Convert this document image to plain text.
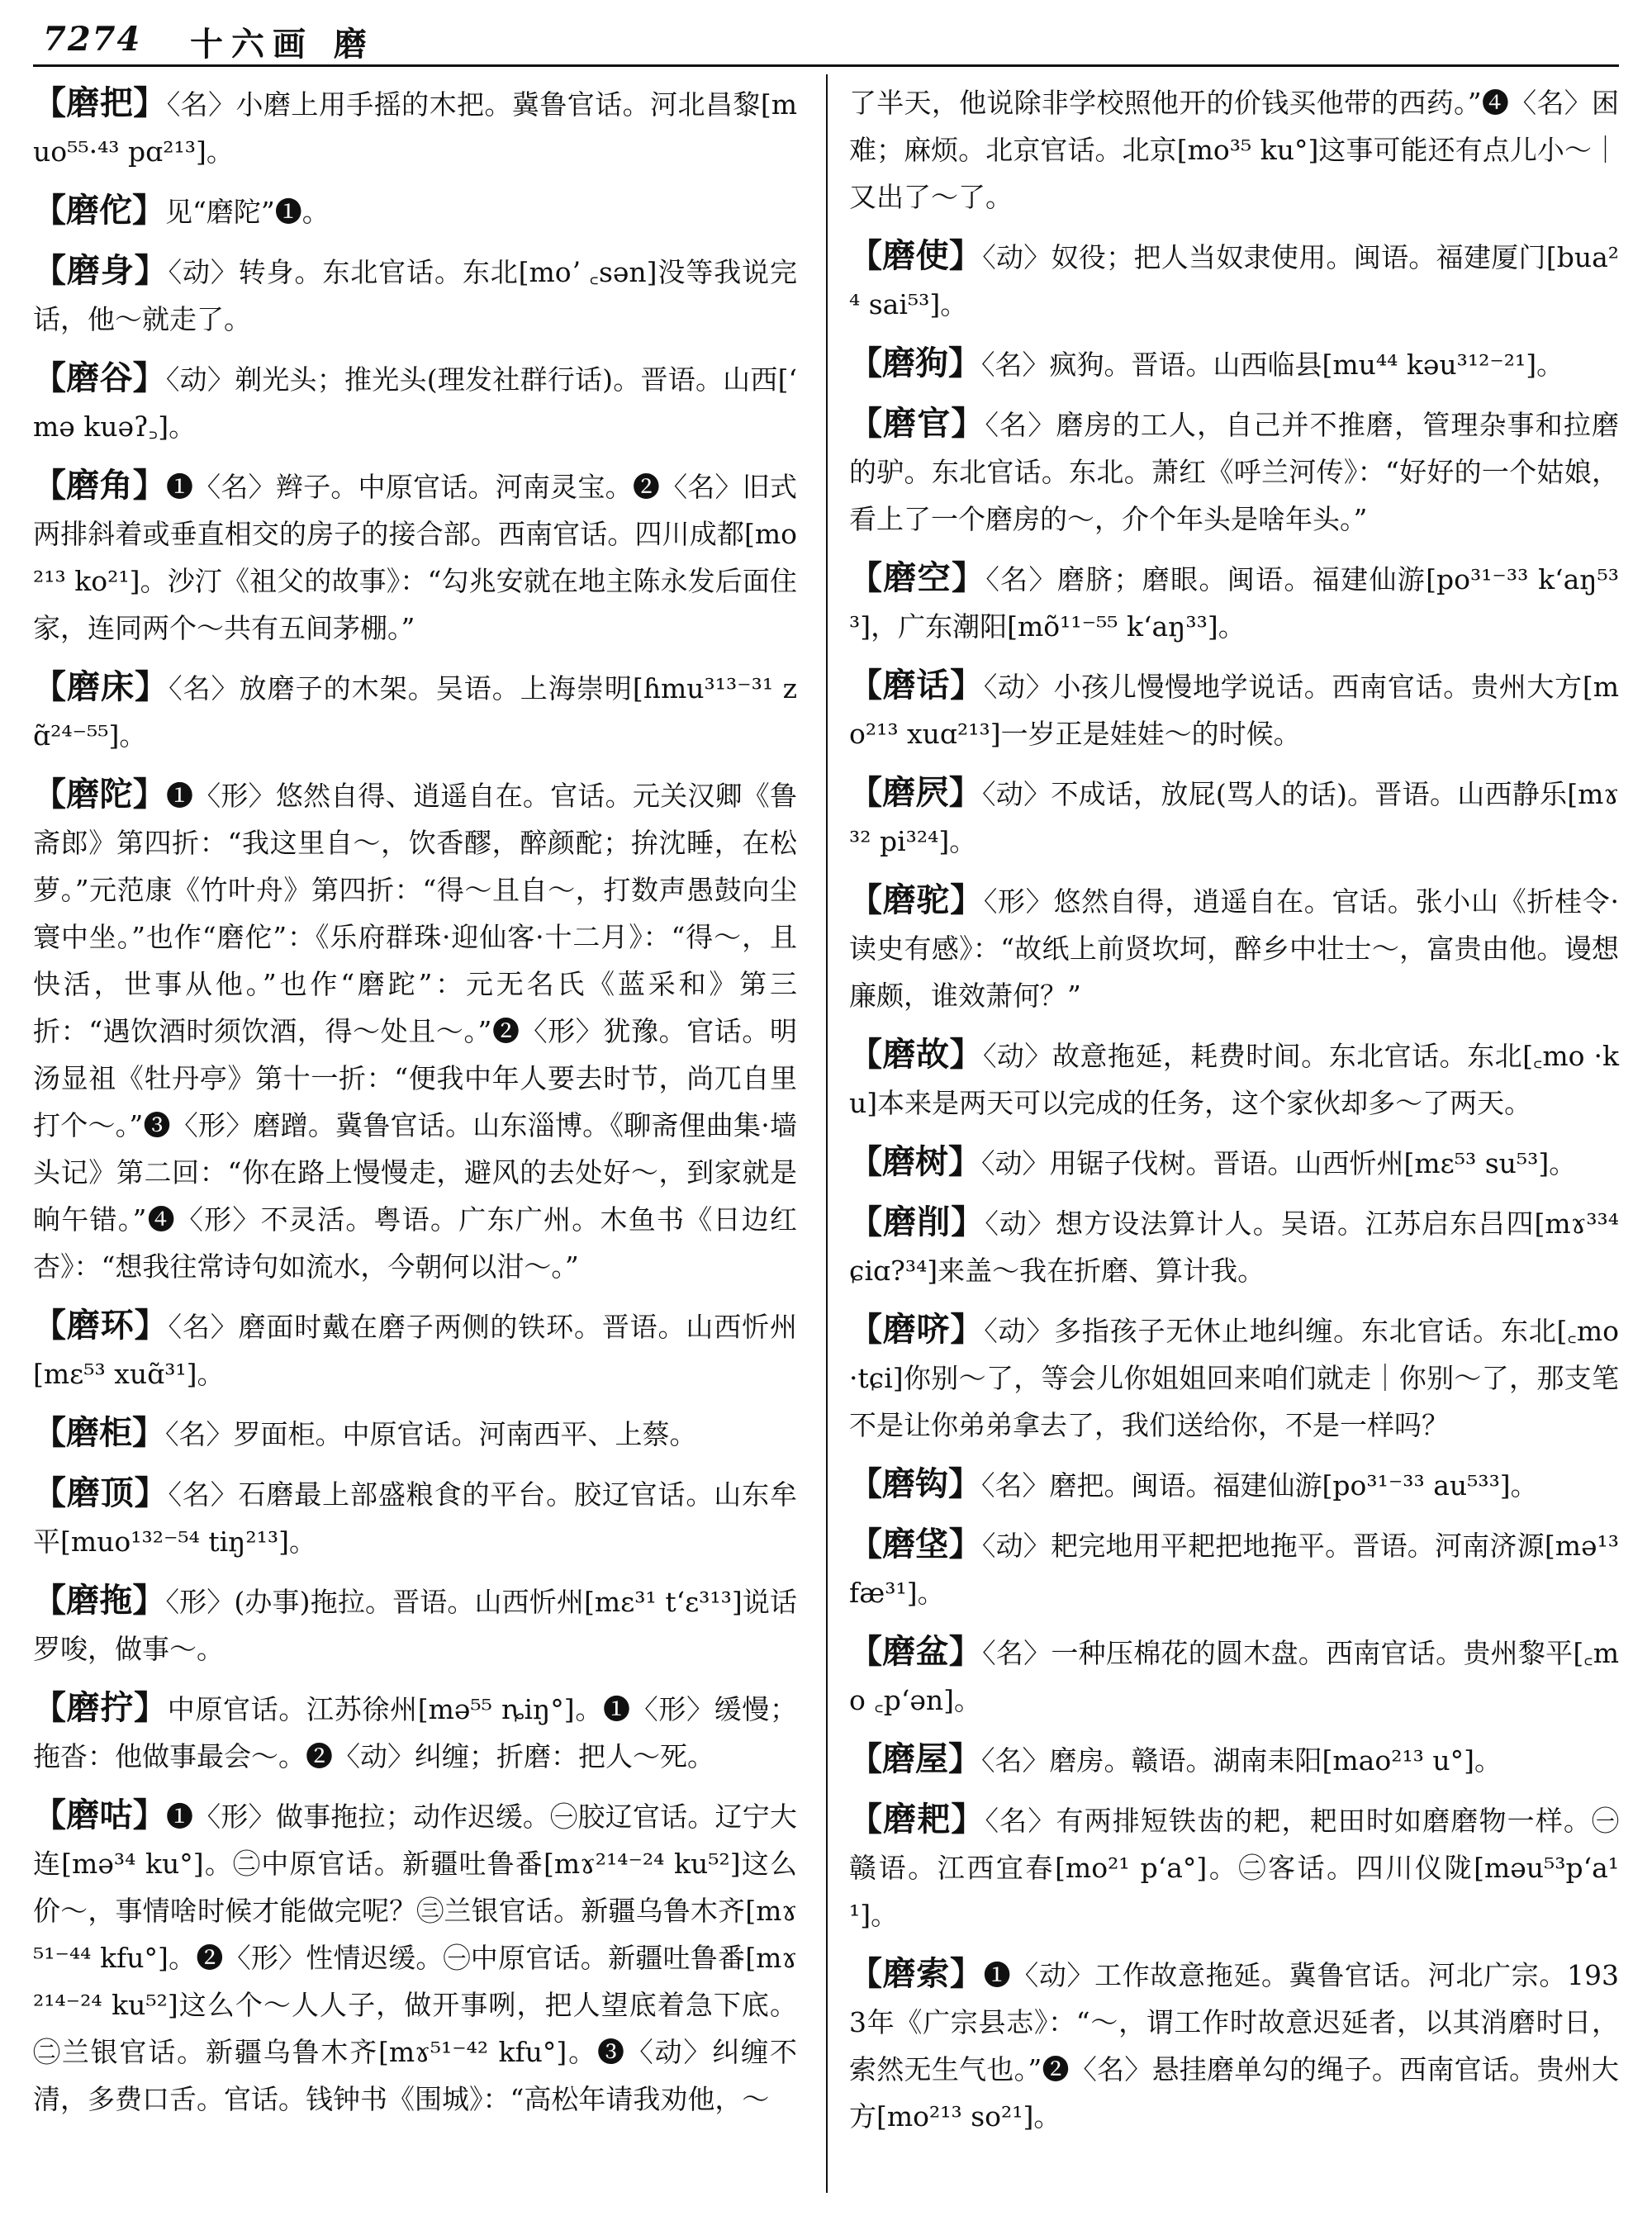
7274 十六画 磨

【磨把】〈名〉小磨上用手摇的木把。冀鲁官话。河北昌黎[muo⁵⁵·⁴³ pɑ²¹³]。

【磨佗】见“磨陀”❶。

【磨身】〈动〉转身。东北官话。东北[moʼ ꜀sən]没等我说完话，他～就走了。

【磨谷】〈动〉剃光头；推光头(理发社群行话)。晋语。山西[ʻmə kuəʔ꜆]。

【磨角】❶〈名〉辫子。中原官话。河南灵宝。❷〈名〉旧式两排斜着或垂直相交的房子的接合部。西南官话。四川成都[mo²¹³ ko²¹]。沙汀《祖父的故事》：“勾兆安就在地主陈永发后面住家，连同两个～共有五间茅棚。”

【磨床】〈名〉放磨子的木架。吴语。上海崇明[ɦmu³¹³⁻³¹ zɑ̃²⁴⁻⁵⁵]。

【磨陀】❶〈形〉悠然自得、逍遥自在。官话。元关汉卿《鲁斋郎》第四折：“我这里自～，饮香醪，醉颜酡；拚沈睡，在松萝。”元范康《竹叶舟》第四折：“得～且自～，打数声愚鼓向尘寰中坐。”也作“磨佗”：《乐府群珠·迎仙客·十二月》：“得～，且快活，世事从他。”也作“磨跎”：元无名氏《蓝采和》第三折：“遇饮酒时须饮酒，得～处且～。”❷〈形〉犹豫。官话。明汤显祖《牡丹亭》第十一折：“便我中年人要去时节，尚兀自里打个～。”❸〈形〉磨蹭。冀鲁官话。山东淄博。《聊斋俚曲集·墙头记》第二回：“你在路上慢慢走，避风的去处好～，到家就是晌午错。”❹〈形〉不灵活。粤语。广东广州。木鱼书《日边红杏》：“想我往常诗句如流水，今朝何以泔～。”

【磨环】〈名〉磨面时戴在磨子两侧的铁环。晋语。山西忻州[mɛ⁵³ xuɑ̃³¹]。

【磨柜】〈名〉罗面柜。中原官话。河南西平、上蔡。

【磨顶】〈名〉石磨最上部盛粮食的平台。胶辽官话。山东牟平[muo¹³²⁻⁵⁴ tiŋ²¹³]。

【磨拖】〈形〉(办事)拖拉。晋语。山西忻州[mɛ³¹ tʻɛ³¹³]说话罗唆，做事～。

【磨拧】中原官话。江苏徐州[mə⁵⁵ ȵiŋ°]。❶〈形〉缓慢；拖沓：他做事最会～。❷〈动〉纠缠；折磨：把人～死。

【磨咕】❶〈形〉做事拖拉；动作迟缓。㊀胶辽官话。辽宁大连[mə³⁴ ku°]。㊁中原官话。新疆吐鲁番[mɤ²¹⁴⁻²⁴ ku⁵²]这么价～，事情啥时候才能做完呢？㊂兰银官话。新疆乌鲁木齐[mɤ⁵¹⁻⁴⁴ kfu°]。❷〈形〉性情迟缓。㊀中原官话。新疆吐鲁番[mɤ²¹⁴⁻²⁴ ku⁵²]这么个～人人子，做开事咧，把人望底着急下底。㊁兰银官话。新疆乌鲁木齐[mɤ⁵¹⁻⁴² kfu°]。❸〈动〉纠缠不清，多费口舌。官话。钱钟书《围城》：“高松年请我劝他，～

了半天，他说除非学校照他开的价钱买他带的西药。”❹〈名〉困难；麻烦。北京官话。北京[mo³⁵ ku°]这事可能还有点儿小～｜又出了～了。

【磨使】〈动〉奴役；把人当奴隶使用。闽语。福建厦门[bua²⁴ sai⁵³]。

【磨狗】〈名〉疯狗。晋语。山西临县[mu⁴⁴ kəu³¹²⁻²¹]。

【磨官】〈名〉磨房的工人，自己并不推磨，管理杂事和拉磨的驴。东北官话。东北。萧红《呼兰河传》：“好好的一个姑娘，看上了一个磨房的～，介个年头是啥年头。”

【磨空】〈名〉磨脐；磨眼。闽语。福建仙游[po³¹⁻³³ kʻaŋ⁵³³]，广东潮阳[mõ¹¹⁻⁵⁵ kʻaŋ³³]。

【磨话】〈动〉小孩儿慢慢地学说话。西南官话。贵州大方[mo²¹³ xuɑ²¹³]一岁正是娃娃～的时候。

【磨屄】〈动〉不成话，放屁(骂人的话)。晋语。山西静乐[mɤ³² pi³²⁴]。

【磨驼】〈形〉悠然自得，逍遥自在。官话。张小山《折桂令·读史有感》：“故纸上前贤坎坷，醉乡中壮士～，富贵由他。谩想廉颇，谁效萧何？”

【磨故】〈动〉故意拖延，耗费时间。东北官话。东北[꜀mo ·ku]本来是两天可以完成的任务，这个家伙却多～了两天。

【磨树】〈动〉用锯子伐树。晋语。山西忻州[mɛ⁵³ su⁵³]。

【磨削】〈动〉想方设法算计人。吴语。江苏启东吕四[mɤ³³⁴ ɕiɑ?³⁴]来盖～我在折磨、算计我。

【磨哜】〈动〉多指孩子无休止地纠缠。东北官话。东北[꜀mo ·tɕi]你别～了，等会儿你姐姐回来咱们就走｜你别～了，那支笔不是让你弟弟拿去了，我们送给你，不是一样吗？

【磨钩】〈名〉磨把。闽语。福建仙游[po³¹⁻³³ au⁵³³]。

【磨垡】〈动〉耙完地用平耙把地拖平。晋语。河南济源[mə¹³ fæ³¹]。

【磨盆】〈名〉一种压棉花的圆木盘。西南官话。贵州黎平[꜀mo ꜀pʻən]。

【磨屋】〈名〉磨房。赣语。湖南耒阳[mao²¹³ u°]。

【磨耙】〈名〉有两排短铁齿的耙，耙田时如磨磨物一样。㊀赣语。江西宜春[mo²¹ pʻa°]。㊁客话。四川仪陇[məu⁵³pʻa¹¹]。

【磨索】❶〈动〉工作故意拖延。冀鲁官话。河北广宗。1933年《广宗县志》：“～，谓工作时故意迟延者，以其消磨时日，索然无生气也。”❷〈名〉悬挂磨单勾的绳子。西南官话。贵州大方[mo²¹³ so²¹]。
